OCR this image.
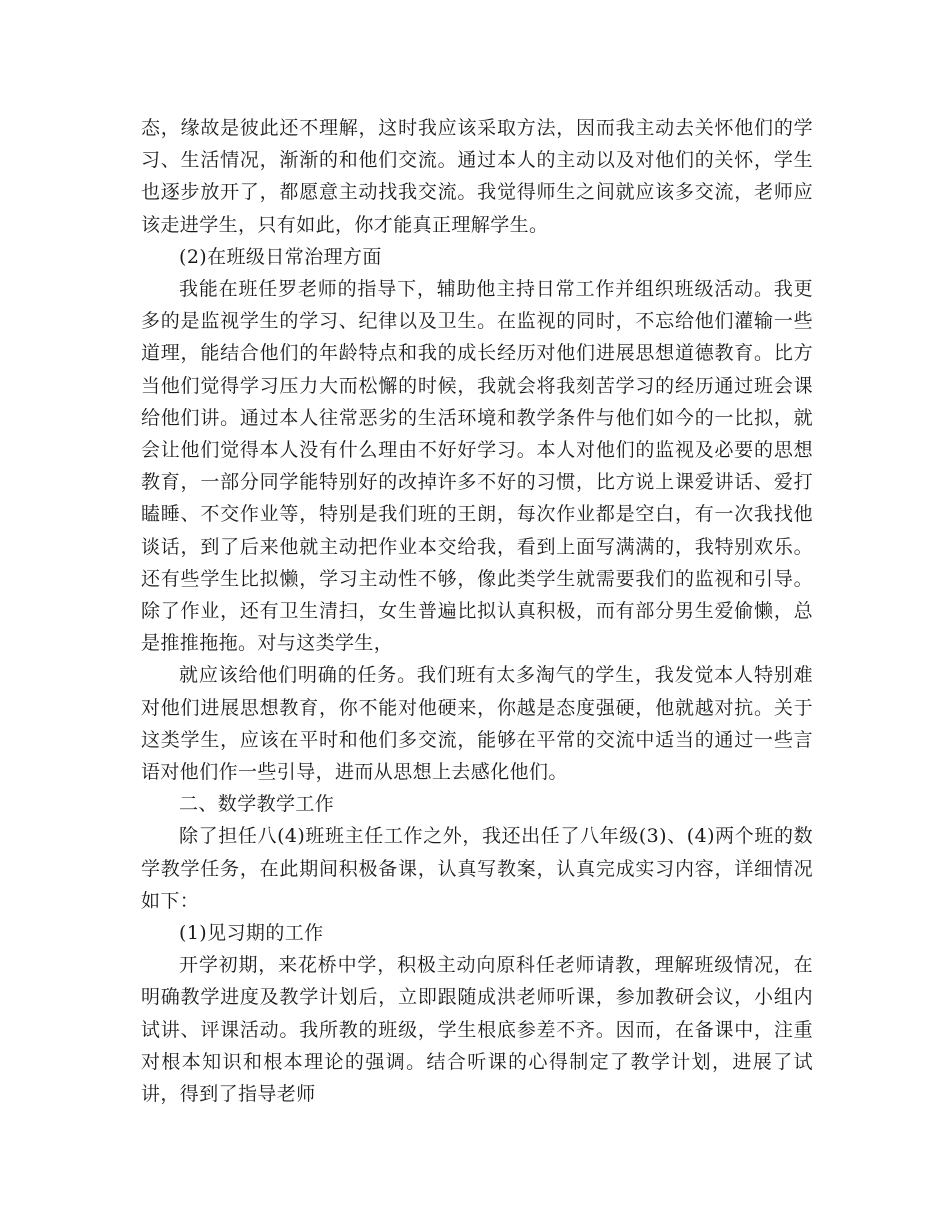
态，缘故是彼此还不理解，这时我应该采取方法，因而我主动去关怀他们的学习、生活情况，渐渐的和他们交流。通过本人的主动以及对他们的关怀，学生也逐步放开了，都愿意主动找我交流。我觉得师生之间就应该多交流，老师应该走进学生，只有如此，你才能真正理解学生。

(2)在班级日常治理方面

我能在班任罗老师的指导下，辅助他主持日常工作并组织班级活动。我更多的是监视学生的学习、纪律以及卫生。在监视的同时，不忘给他们灌输一些道理，能结合他们的年龄特点和我的成长经历对他们进展思想道德教育。比方当他们觉得学习压力大而松懈的时候，我就会将我刻苦学习的经历通过班会课给他们讲。通过本人往常恶劣的生活环境和教学条件与他们如今的一比拟，就会让他们觉得本人没有什么理由不好好学习。本人对他们的监视及必要的思想教育，一部分同学能特别好的改掉许多不好的习惯，比方说上课爱讲话、爱打瞌睡、不交作业等，特别是我们班的王朗，每次作业都是空白，有一次我找他谈话，到了后来他就主动把作业本交给我，看到上面写满满的，我特别欢乐。还有些学生比拟懒，学习主动性不够，像此类学生就需要我们的监视和引导。除了作业，还有卫生清扫，女生普遍比拟认真积极，而有部分男生爱偷懒，总是推推拖拖。对与这类学生，

就应该给他们明确的任务。我们班有太多淘气的学生，我发觉本人特别难对他们进展思想教育，你不能对他硬来，你越是态度强硬，他就越对抗。关于这类学生，应该在平时和他们多交流，能够在平常的交流中适当的通过一些言语对他们作一些引导，进而从思想上去感化他们。

二、数学教学工作

除了担任八(4)班班主任工作之外，我还出任了八年级(3)、(4)两个班的数学教学任务，在此期间积极备课，认真写教案，认真完成实习内容，详细情况如下：

(1)见习期的工作

开学初期，来花桥中学，积极主动向原科任老师请教，理解班级情况，在明确教学进度及教学计划后，立即跟随成洪老师听课，参加教研会议，小组内试讲、评课活动。我所教的班级，学生根底参差不齐。因而，在备课中，注重对根本知识和根本理论的强调。结合听课的心得制定了教学计划，进展了试讲，得到了指导老师
